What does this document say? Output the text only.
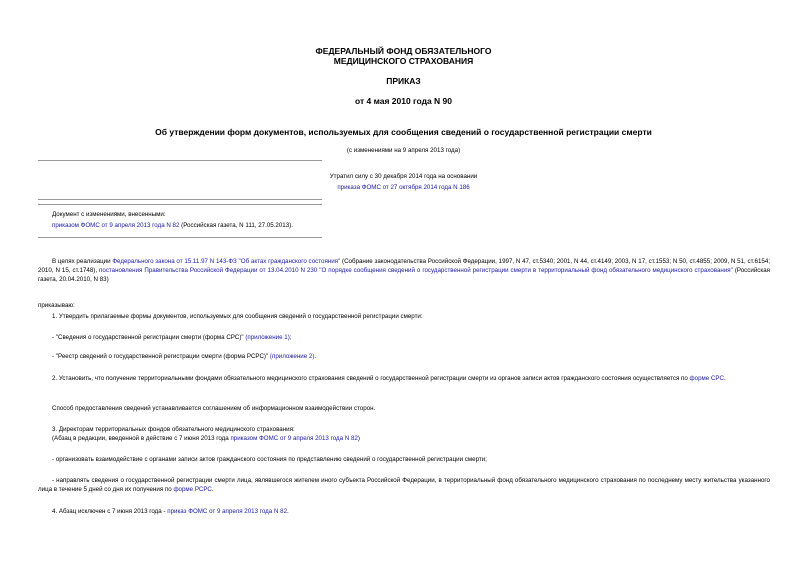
ФЕДЕРАЛЬНЫЙ ФОНД ОБЯЗАТЕЛЬНОГО
МЕДИЦИНСКОГО СТРАХОВАНИЯ
ПРИКАЗ
от 4 мая 2010 года N 90
Об утверждении форм документов, используемых для сообщения сведений о государственной регистрации смерти
(с изменениями на 9 апреля 2013 года)
Утратил силу с 30 декабря 2014 года на основании
приказа ФОМС от 27 октября 2014 года N 186
Документ с изменениями, внесенными:
приказом ФОМС от 9 апреля 2013 года N 82 (Российская газета, N 111, 27.05.2013).
В целях реализации Федерального закона от 15.11.97 N 143-ФЗ "Об актах гражданского состояния" (Собрание законодательства Российской Федерации, 1997, N 47, ст.5340; 2001, N 44, ст.4149; 2003, N 17, ст.1553; N 50, ст.4855; 2009, N 51, ст.6154; 2010, N 15, ст.1748), постановления Правительства Российской Федерации от 13.04.2010 N 230 "О порядке сообщения сведений о государственной регистрации смерти в территориальный фонд обязательного медицинского страхования" (Российская газета, 20.04.2010, N 83)
приказываю:
1. Утвердить прилагаемые формы документов, используемых для сообщения сведений о государственной регистрации смерти:
- "Сведения о государственной регистрации смерти (форма СРС)" (приложение 1);
- "Реестр сведений о государственной регистрации смерти (форма РСРС)" (приложение 2).
2. Установить, что получение территориальными фондами обязательного медицинского страхования сведений о государственной регистрации смерти из органов записи актов гражданского состояния осуществляется по форме СРС.
Способ предоставления сведений устанавливается соглашением об информационном взаимодействии сторон.
3. Директорам территориальных фондов обязательного медицинского страхования:
(Абзац в редакции, введенной в действие с 7 июня 2013 года приказом ФОМС от 9 апреля 2013 года N 82)
- организовать взаимодействие с органами записи актов гражданского состояния по представлению сведений о государственной регистрации смерти;
- направлять сведения о государственной регистрации смерти лица, являвшегося жителем иного субъекта Российской Федерации, в территориальный фонд обязательного медицинского страхования по последнему месту жительства указанного лица в течение 5 дней со дня их получения по форме РСРС.
4. Абзац исключен с 7 июня 2013 года - приказ ФОМС от 9 апреля 2013 года N 82.
